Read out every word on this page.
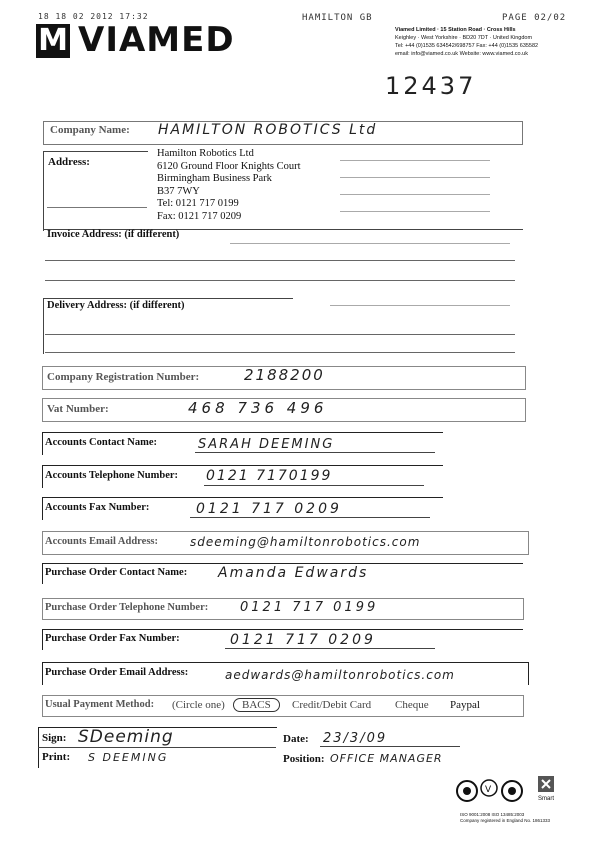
18 18 02 2012 17:32	HAMILTON GB	PAGE 02/02
M VIAMED	Viamed Limited · 15 Station Road · Cross Hills
Keighley · West Yorkshire · BD20 7DT · United Kingdom
Tel: +44 (0)1535 634542/698757 Fax: +44 (0)1535 635582
email: info@viamed.co.uk Website: www.viamed.co.uk
12437
Company Name: HAMILTON ROBOTICS Ltd
Address:
Hamilton Robotics Ltd
6120 Ground Floor Knights Court
Birmingham Business Park
B37 7WY
Tel: 0121 717 0199
Fax: 0121 717 0209
Invoice Address: (if different)
Delivery Address: (if different)
Company Registration Number:	2188200
Vat Number:	468 736 496
Accounts Contact Name:	SARAH DEEMING
Accounts Telephone Number: 0121 7170199
Accounts Fax Number:	0121 717 0209
Accounts Email Address:	sdeeming@hamiltonrobotics.com
Purchase Order Contact Name: Amanda Edwards
Purchase Order Telephone Number: 0121 717 0199
Purchase Order Fax Number:	0121 717 0209
Purchase Order Email Address:	aedwards@hamiltonrobotics.com
Usual Payment Method: (Circle one)	BACS	Credit/Debit Card Cheque Paypal
Sign: SDeeming
Print: S DEEMING
Date: 23/3/09
Position: OFFICE MANAGER
V
Smart
ISO 9001:2008 ISO 13485:2003
Company registered in England No. 1861333
